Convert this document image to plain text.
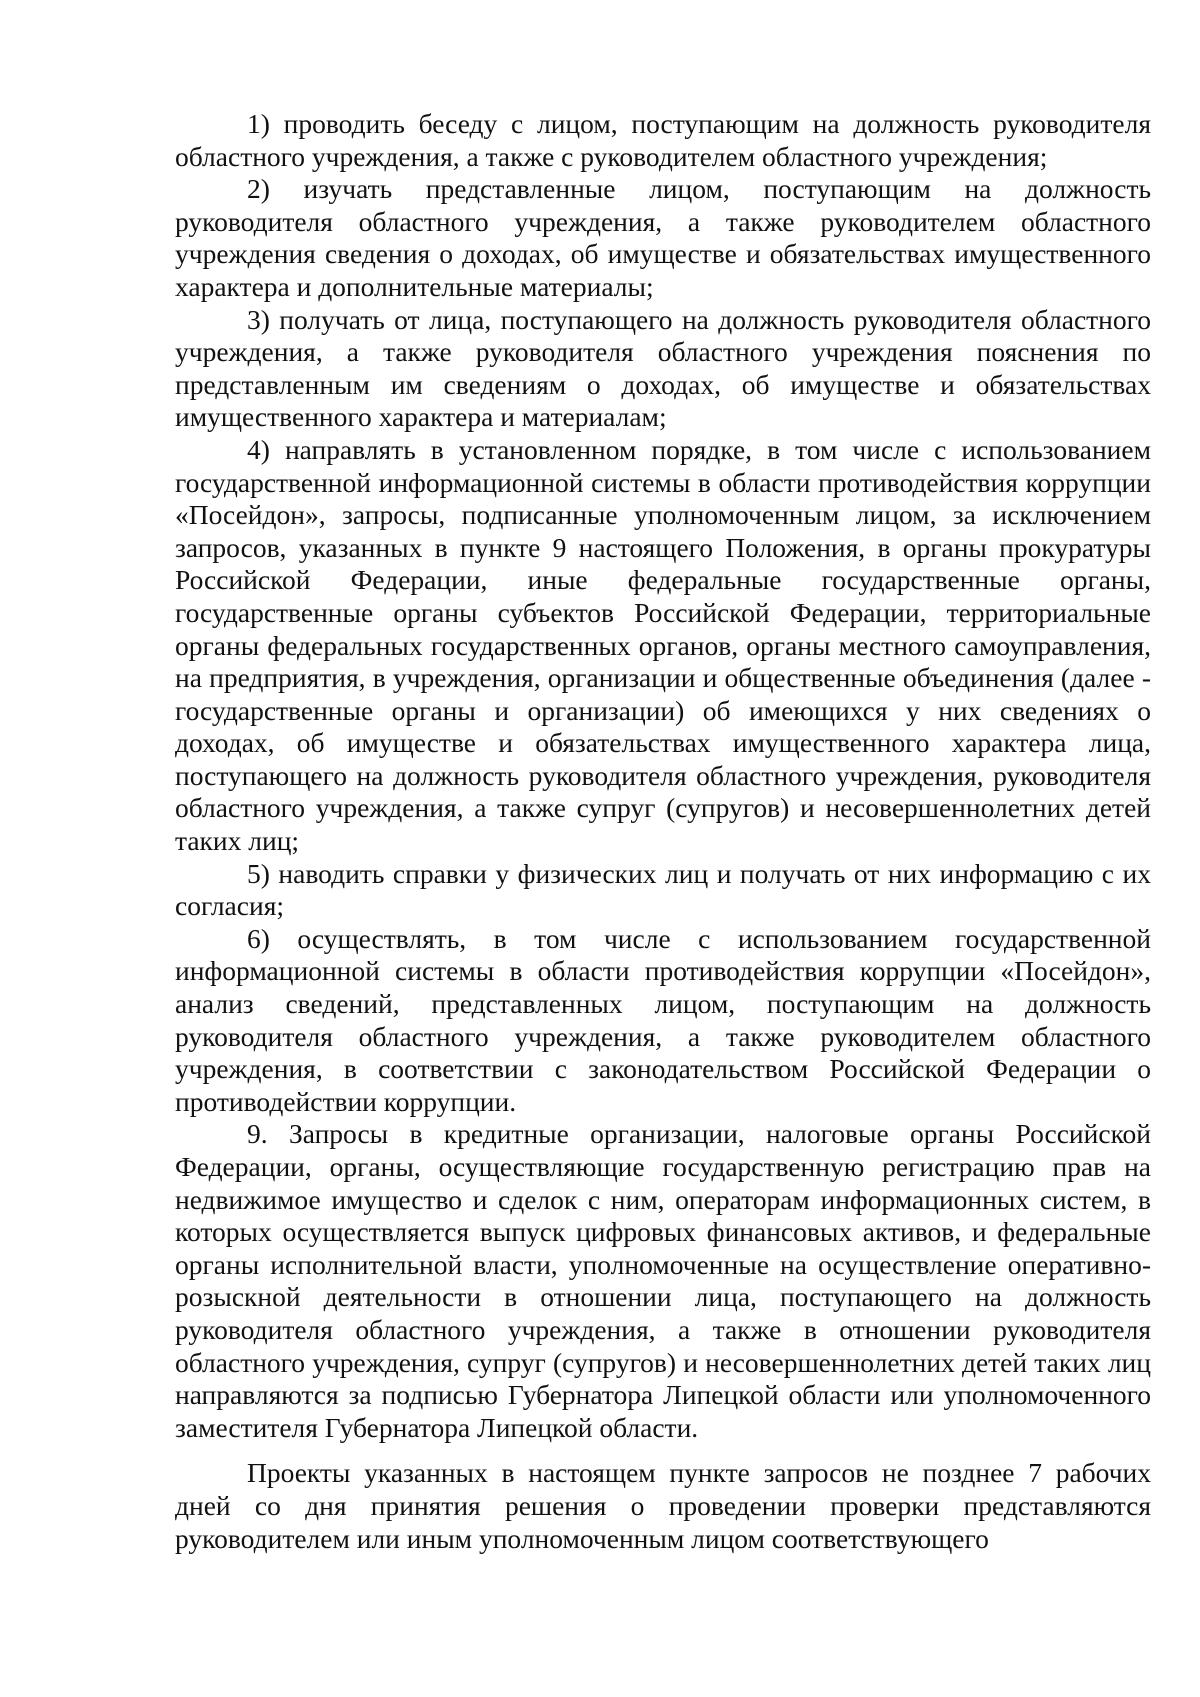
1) проводить беседу с лицом, поступающим на должность руководителя областного учреждения, а также с руководителем областного учреждения;

2) изучать представленные лицом, поступающим на должность руководителя областного учреждения, а также руководителем областного учреждения сведения о доходах, об имуществе и обязательствах имущественного характера и дополнительные материалы;

3) получать от лица, поступающего на должность руководителя областного учреждения, а также руководителя областного учреждения пояснения по представленным им сведениям о доходах, об имуществе и обязательствах имущественного характера и материалам;

4) направлять в установленном порядке, в том числе с использованием государственной информационной системы в области противодействия коррупции «Посейдон», запросы, подписанные уполномоченным лицом, за исключением запросов, указанных в пункте 9 настоящего Положения, в органы прокуратуры Российской Федерации, иные федеральные государственные органы, государственные органы субъектов Российской Федерации, территориальные органы федеральных государственных органов, органы местного самоуправления, на предприятия, в учреждения, организации и общественные объединения (далее - государственные органы и организации) об имеющихся у них сведениях о доходах, об имуществе и обязательствах имущественного характера лица, поступающего на должность руководителя областного учреждения, руководителя областного учреждения, а также супруг (супругов) и несовершеннолетних детей таких лиц;

5) наводить справки у физических лиц и получать от них информацию с их согласия;

6) осуществлять, в том числе с использованием государственной информационной системы в области противодействия коррупции «Посейдон», анализ сведений, представленных лицом, поступающим на должность руководителя областного учреждения, а также руководителем областного учреждения, в соответствии с законодательством Российской Федерации о противодействии коррупции.

9. Запросы в кредитные организации, налоговые органы Российской Федерации, органы, осуществляющие государственную регистрацию прав на недвижимое имущество и сделок с ним, операторам информационных систем, в которых осуществляется выпуск цифровых финансовых активов, и федеральные органы исполнительной власти, уполномоченные на осуществление оперативно-розыскной деятельности в отношении лица, поступающего на должность руководителя областного учреждения, а также в отношении руководителя областного учреждения, супруг (супругов) и несовершеннолетних детей таких лиц направляются за подписью Губернатора Липецкой области или уполномоченного заместителя Губернатора Липецкой области.

Проекты указанных в настоящем пункте запросов не позднее 7 рабочих дней со дня принятия решения о проведении проверки представляются руководителем или иным уполномоченным лицом соответствующего
